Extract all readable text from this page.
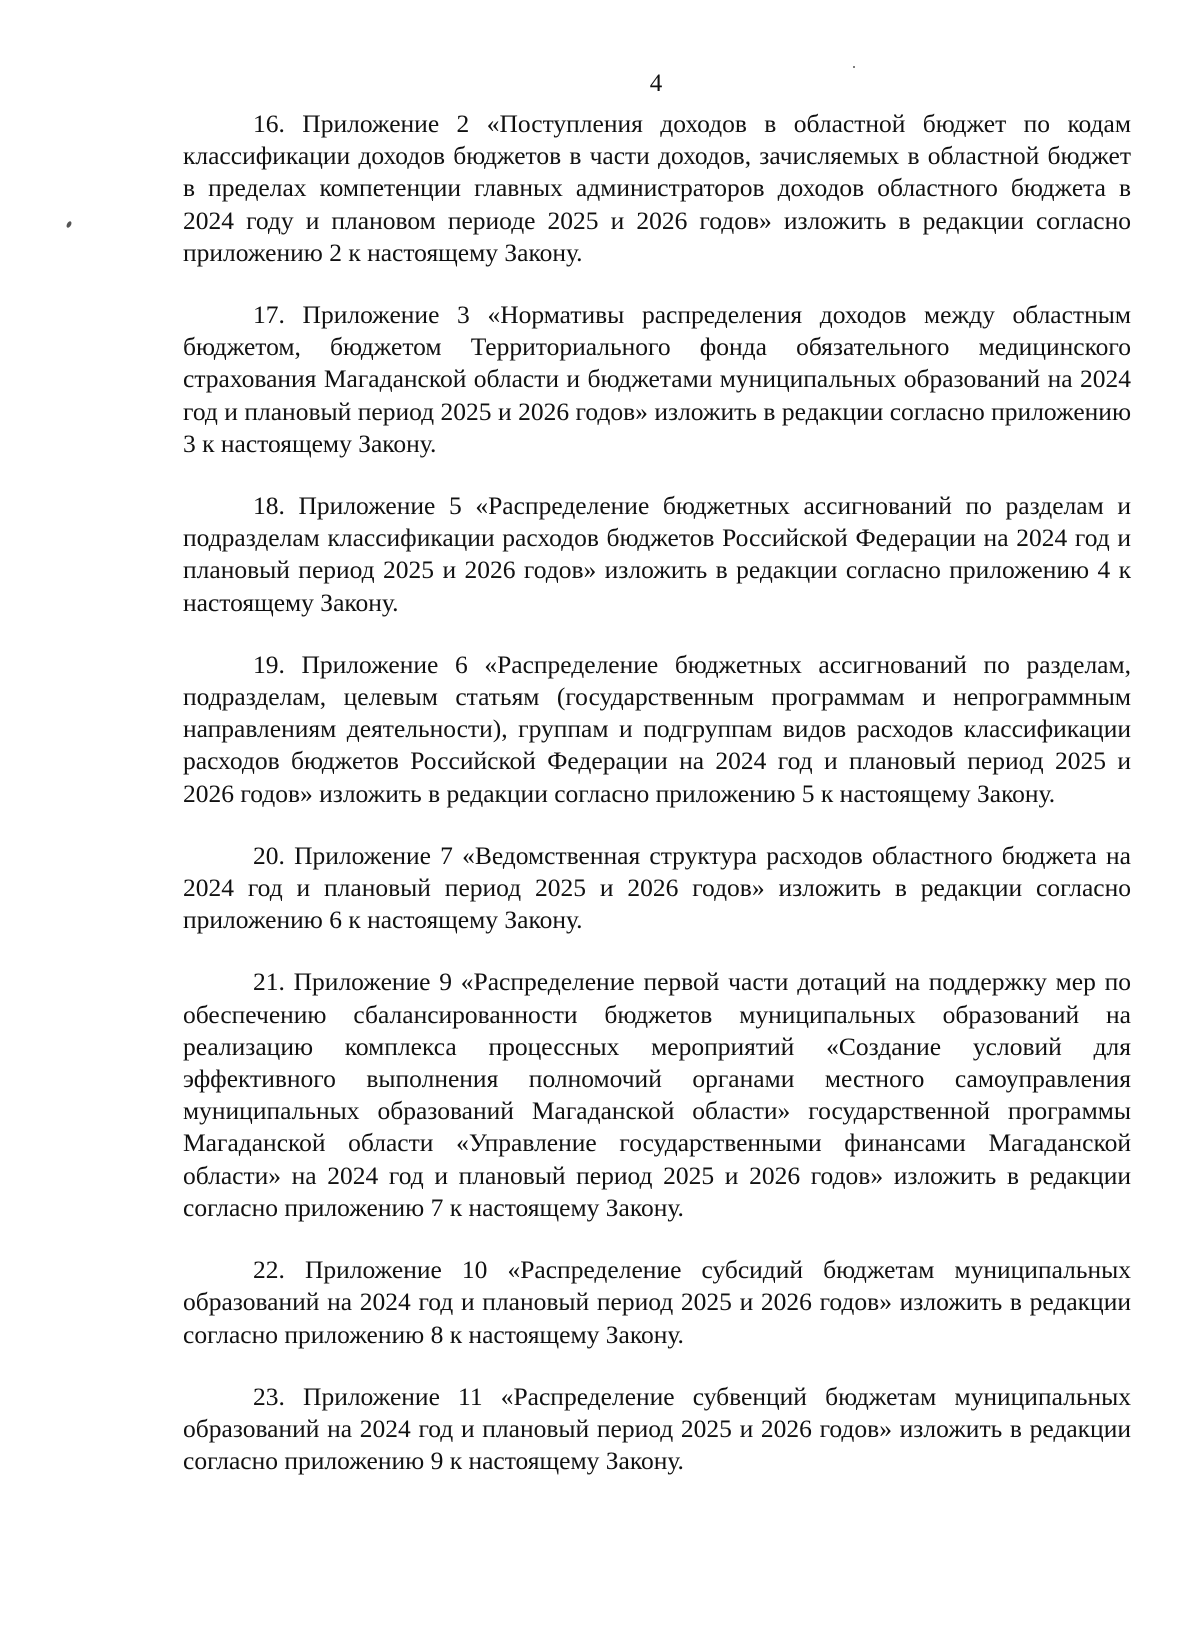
4

16. Приложение 2 «Поступления доходов в областной бюджет по кодам классификации доходов бюджетов в части доходов, зачисляемых в областной бюджет в пределах компетенции главных администраторов доходов областного бюджета в 2024 году и плановом периоде 2025 и 2026 годов» изложить в редакции согласно приложению 2 к настоящему Закону.

17. Приложение 3 «Нормативы распределения доходов между областным бюджетом, бюджетом Территориального фонда обязательного медицинского страхования Магаданской области и бюджетами муниципальных образований на 2024 год и плановый период 2025 и 2026 годов» изложить в редакции согласно приложению 3 к настоящему Закону.

18. Приложение 5 «Распределение бюджетных ассигнований по разделам и подразделам классификации расходов бюджетов Российской Федерации на 2024 год и плановый период 2025 и 2026 годов» изложить в редакции согласно приложению 4 к настоящему Закону.

19. Приложение 6 «Распределение бюджетных ассигнований по разделам, подразделам, целевым статьям (государственным программам и непрограммным направлениям деятельности), группам и подгруппам видов расходов классификации расходов бюджетов Российской Федерации на 2024 год и плановый период 2025 и 2026 годов» изложить в редакции согласно приложению 5 к настоящему Закону.

20. Приложение 7 «Ведомственная структура расходов областного бюджета на 2024 год и плановый период 2025 и 2026 годов» изложить в редакции согласно приложению 6 к настоящему Закону.

21. Приложение 9 «Распределение первой части дотаций на поддержку мер по обеспечению сбалансированности бюджетов муниципальных образований на реализацию комплекса процессных мероприятий «Создание условий для эффективного выполнения полномочий органами местного самоуправления муниципальных образований Магаданской области» государственной программы Магаданской области «Управление государственными финансами Магаданской области» на 2024 год и плановый период 2025 и 2026 годов» изложить в редакции согласно приложению 7 к настоящему Закону.

22. Приложение 10 «Распределение субсидий бюджетам муниципальных образований на 2024 год и плановый период 2025 и 2026 годов» изложить в редакции согласно приложению 8 к настоящему Закону.

23. Приложение 11 «Распределение субвенций бюджетам муниципальных образований на 2024 год и плановый период 2025 и 2026 годов» изложить в редакции согласно приложению 9 к настоящему Закону.
